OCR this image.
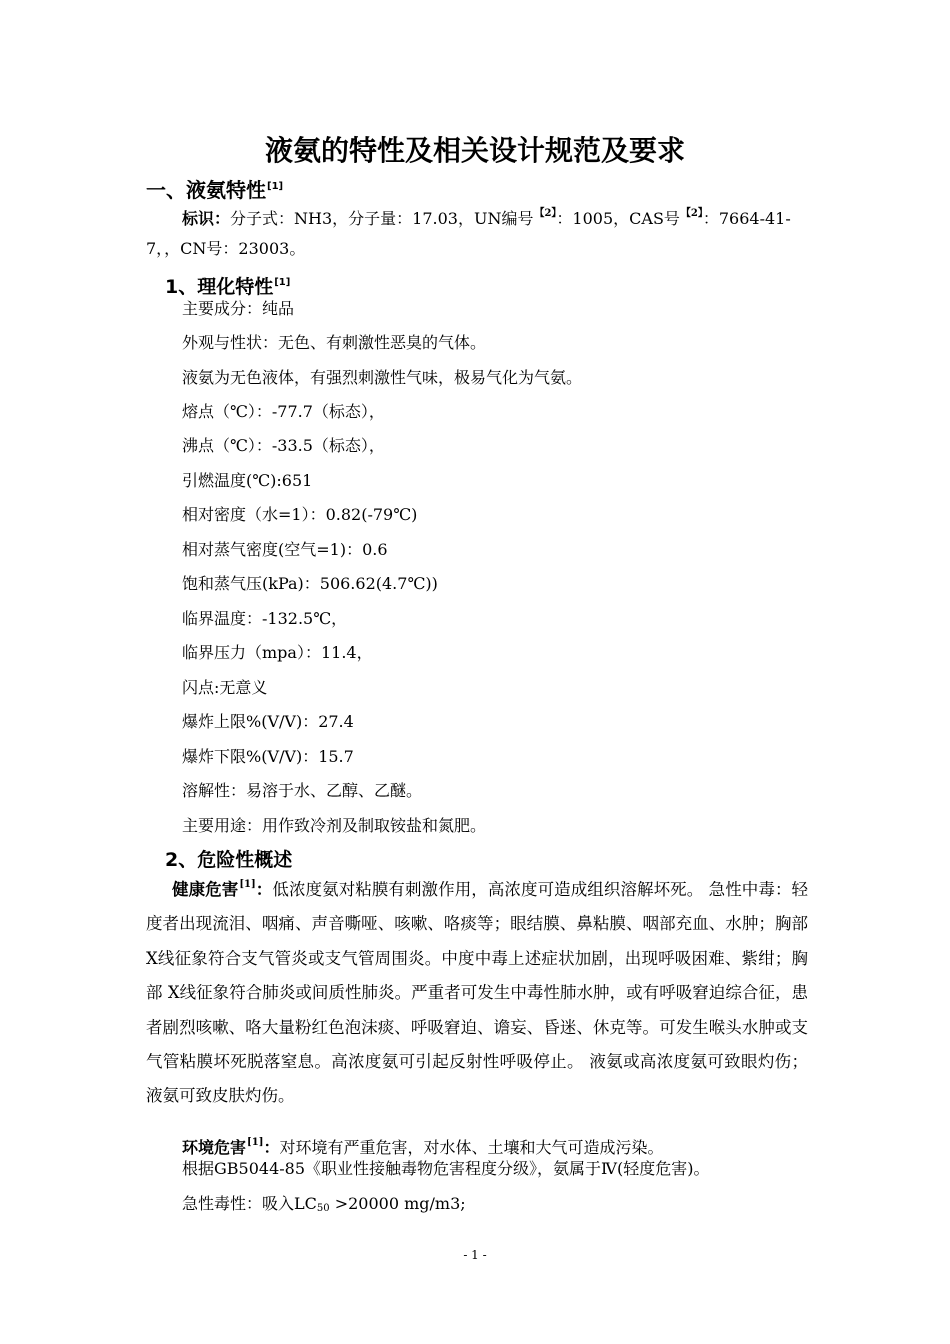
液氨的特性及相关设计规范及要求
一、液氨特性[1]
标识：分子式：NH3，分子量：17.03，UN编号$^{【2】}$：1005，CAS号$^{【2】}$：7664-41-
7，，CN号：23003。
1、理化特性[1]
主要成分：纯品
外观与性状：无色、有刺激性恶臭的气体。
液氨为无色液体，有强烈刺激性气味，极易气化为气氨。
熔点（℃）：-77.7（标态），
沸点（℃）：-33.5（标态），
引燃温度(℃):651
相对密度（水=1）：0.82(-79℃)
相对蒸气密度(空气=1)：0.6
饱和蒸气压(kPa)：506.62(4.7℃))
临界温度：-132.5℃，
临界压力（mpa）：11.4，
闪点:无意义
爆炸上限%(V/V)：27.4
爆炸下限%(V/V)：15.7
溶解性：易溶于水、乙醇、乙醚。
主要用途：用作致冷剂及制取铵盐和氮肥。
2、危险性概述
健康危害[1]：低浓度氨对粘膜有刺激作用，高浓度可造成组织溶解坏死。 急性中毒：轻度者出现流泪、咽痛、声音嘶哑、咳嗽、咯痰等；眼结膜、鼻粘膜、咽部充血、水肿；胸部 X线征象符合支气管炎或支气管周围炎。中度中毒上述症状加剧，出现呼吸困难、紫绀；胸部 X线征象符合肺炎或间质性肺炎。严重者可发生中毒性肺水肿，或有呼吸窘迫综合征，患者剧烈咳嗽、咯大量粉红色泡沫痰、呼吸窘迫、谵妄、昏迷、休克等。可发生喉头水肿或支气管粘膜坏死脱落窒息。高浓度氨可引起反射性呼吸停止。 液氨或高浓度氨可致眼灼伤；液氨可致皮肤灼伤。
环境危害[1]：对环境有严重危害，对水体、土壤和大气可造成污染。
根据GB5044-85《职业性接触毒物危害程度分级》，氨属于Ⅳ(轻度危害)。
急性毒性：吸入$LC_{50} >20000$ mg/m3;
- 1 -
